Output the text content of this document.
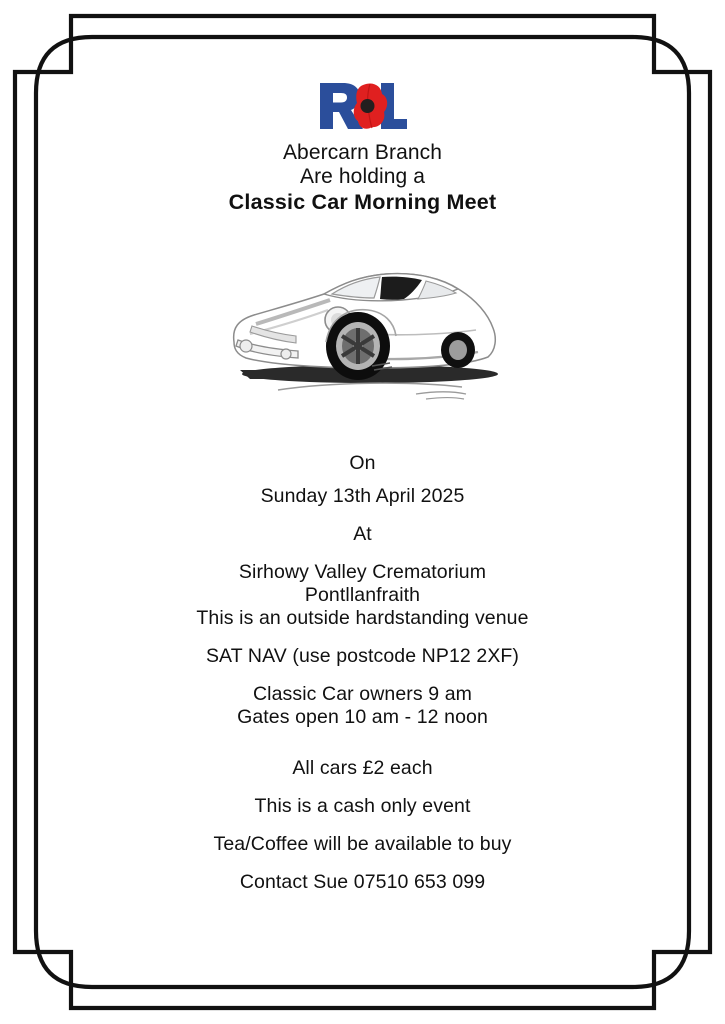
Abercarn Branch
Are holding a
Classic Car Morning Meet
On
Sunday 13th April 2025
At
Sirhowy Valley Crematorium
Pontllanfraith
This is an outside hardstanding venue
SAT NAV (use postcode NP12 2XF)
Classic Car owners 9 am
Gates open 10 am - 12 noon
All cars £2 each
This is a cash only event
Tea/Coffee will be available to buy
Contact Sue 07510 653 099
